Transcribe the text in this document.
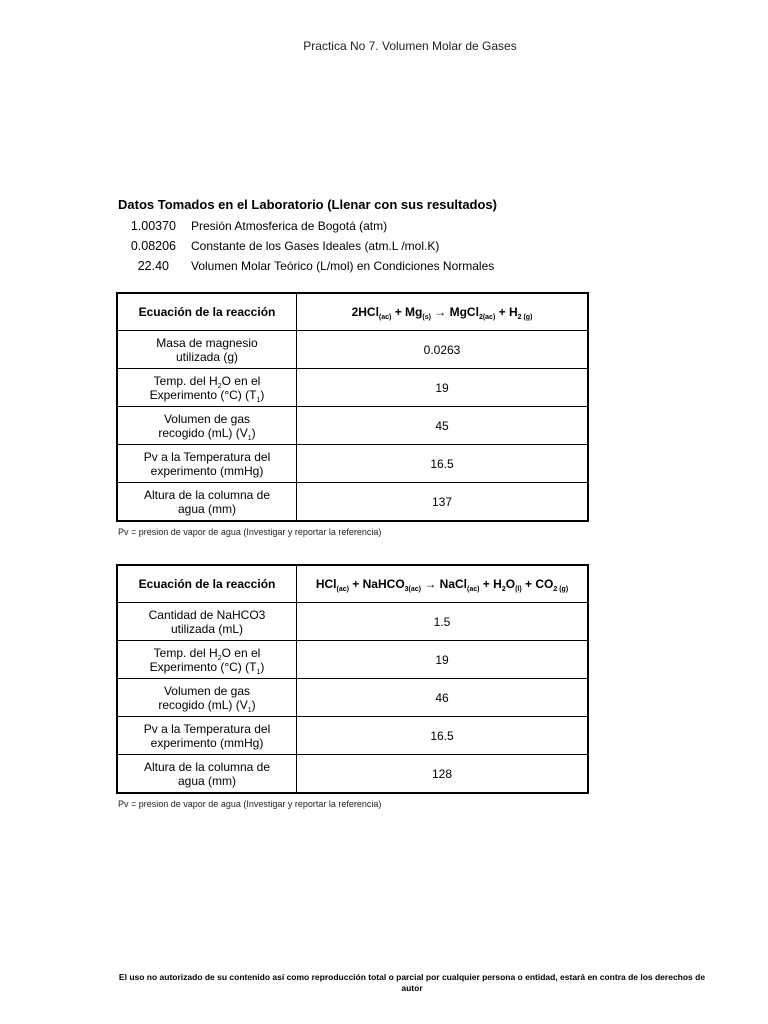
Practica No 7. Volumen Molar de Gases
Datos Tomados en el Laboratorio (Llenar con sus resultados)
1.00370 Presión Atmosferica de Bogotá (atm)
0.08206 Constante de los Gases Ideales (atm.L /mol.K)
22.40 Volumen Molar Teórico (L/mol) en Condiciones Normales
Ecuación de la reacción	$2HCl_{(ac)} + Mg_{(s)}$ → MgCl$_{2(ac)}$ + $H_{2 (g)}$
Masa de magnesio
utilizada (g)	0.0263
Temp. del $H_2O$ en el
Experimento (°C) $(T_1)$	19
Volumen de gas
recogido (mL) $(V_1)$	45
Pv a la Temperatura del
experimento (mmHg)	16.5
Altura de la columna de
agua (mm)	137
Pv = presion de vapor de agua (Investigar y reportar la referencia)
Ecuación de la reacción	HCl$_{(ac)}$ + NaHCO$_{3(ac)}$ → NaCl$_{(ac)}$ + $H_2O_{(l)} + CO_{2 (g)}$
Cantidad de NaHCO3
utilizada (mL)	1.5
Temp. del $H_2O$ en el
Experimento (°C) $(T_1)$	19
Volumen de gas
recogido (mL) $(V_1)$	46
Pv a la Temperatura del
experimento (mmHg)	16.5
Altura de la columna de
agua (mm)	128
Pv = presion de vapor de agua (Investigar y reportar la referencia)
El uso no autorizado de su contenido así como reproducción total o parcial por cualquier persona o entidad, estará en contra de los derechos de
autor
